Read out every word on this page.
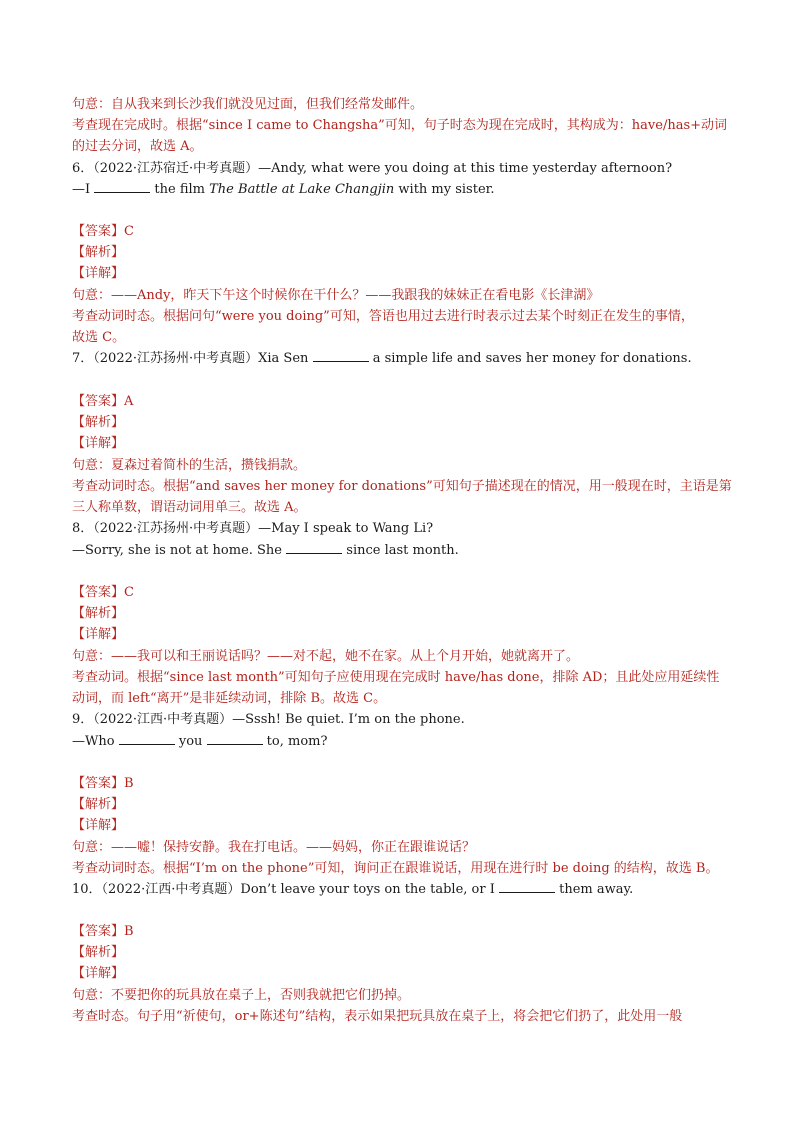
句意：自从我来到长沙我们就没见过面，但我们经常发邮件。
考查现在完成时。根据“since I came to Changsha”可知，句子时态为现在完成时，其构成为：have/has+动词
的过去分词，故选 A。
6．（2022·江苏宿迁·中考真题）—Andy, what were you doing at this time yesterday afternoon?
—I	the film The Battle at Lake Changjin with my sister.
【答案】C
【解析】
【详解】
句意：——Andy，昨天下午这个时候你在干什么？——我跟我的妹妹正在看电影《长津湖》
考查动词时态。根据问句“were you doing”可知，答语也用过去进行时表示过去某个时刻正在发生的事情，
故选 C。
7．（2022·江苏扬州·中考真题）Xia Sen	a simple life and saves her money for donations.
【答案】A
【解析】
【详解】
句意：夏森过着简朴的生活，攒钱捐款。
考查动词时态。根据“and saves her money for donations”可知句子描述现在的情况，用一般现在时，主语是第
三人称单数，谓语动词用单三。故选 A。
8．（2022·江苏扬州·中考真题）—May I speak to Wang Li?
—Sorry, she is not at home. She	since last month.
【答案】C
【解析】
【详解】
句意：——我可以和王丽说话吗？——对不起，她不在家。从上个月开始，她就离开了。
考查动词。根据“since last month”可知句子应使用现在完成时 have/has done，排除 AD；且此处应用延续性
动词，而 left“离开”是非延续动词，排除 B。故选 C。
9．（2022·江西·中考真题）—Sssh! Be quiet. I’m on the phone.
—Who	you	to, mom?
【答案】B
【解析】
【详解】
句意：——嘘！保持安静。我在打电话。——妈妈，你正在跟谁说话？
考查动词时态。根据“I’m on the phone”可知，询问正在跟谁说话，用现在进行时 be doing 的结构，故选 B。
10．（2022·江西·中考真题）Don’t leave your toys on the table, or I	them away.
【答案】B
【解析】
【详解】
句意：不要把你的玩具放在桌子上，否则我就把它们扔掉。
考查时态。句子用“祈使句，or+陈述句”结构，表示如果把玩具放在桌子上，将会把它们扔了，此处用一般
